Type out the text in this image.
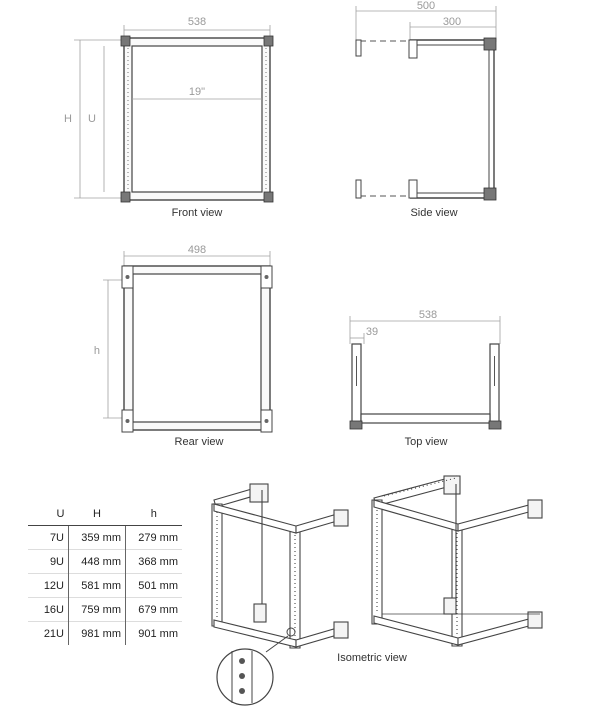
538
H U
19"
Front view
500
300
Side view
498
h
Rear view
538
39
Top view
Isometric view
U	H	h
7U	359 mm	279 mm
9U	448 mm	368 mm
12U	581 mm	501 mm
16U	759 mm	679 mm
21U	981 mm	901 mm
